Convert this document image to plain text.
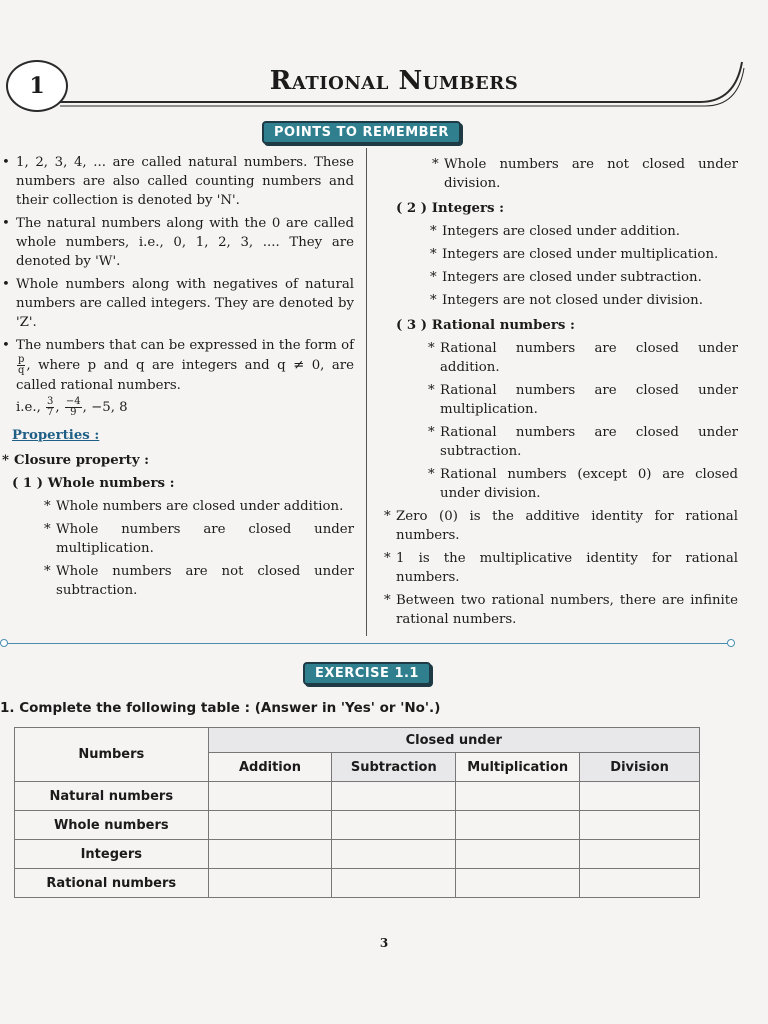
1	Rational Numbers
POINTS TO REMEMBER

• 1, 2, 3, 4, ... are called natural numbers. These numbers are also called counting numbers and their collection is denoted by 'N'.

• The natural numbers along with the 0 are called whole numbers, i.e., 0, 1, 2, 3, .... They are denoted by 'W'.

• Whole numbers along with negatives of natural numbers are called integers. They are denoted by 'Z'.

• The numbers that can be expressed in the form of
$\frac{p}{q}$ , where p and q are integers and q ≠ 0, are called rational numbers.

i.e., $\frac{3}{7}$ , $\frac{-4}{9}$ , −5, 8

Properties :

* Closure property :

( 1 ) Whole numbers :

* Whole numbers are closed under addition.

* Whole numbers are closed under multiplication.

* Whole numbers are not closed under subtraction.

* Whole numbers are not closed under division.

( 2 ) Integers :

* Integers are closed under addition.

* Integers are closed under multiplication.

* Integers are closed under subtraction.

* Integers are not closed under division.

( 3 ) Rational numbers :

* Rational numbers are closed under addition.

* Rational numbers are closed under multiplication.

* Rational numbers are closed under subtraction.

* Rational numbers (except 0) are closed under division.

* Zero (0) is the additive identity for rational numbers.

* 1 is the multiplicative identity for rational numbers.

* Between two rational numbers, there are infinite rational numbers.

EXERCISE 1.1
1. Complete the following table : (Answer in 'Yes' or 'No'.)
Numbers	Closed under			
	Addition	Subtraction	Multiplication	Division
Natural numbers				
Whole numbers				
Integers				
Rational numbers				
3
